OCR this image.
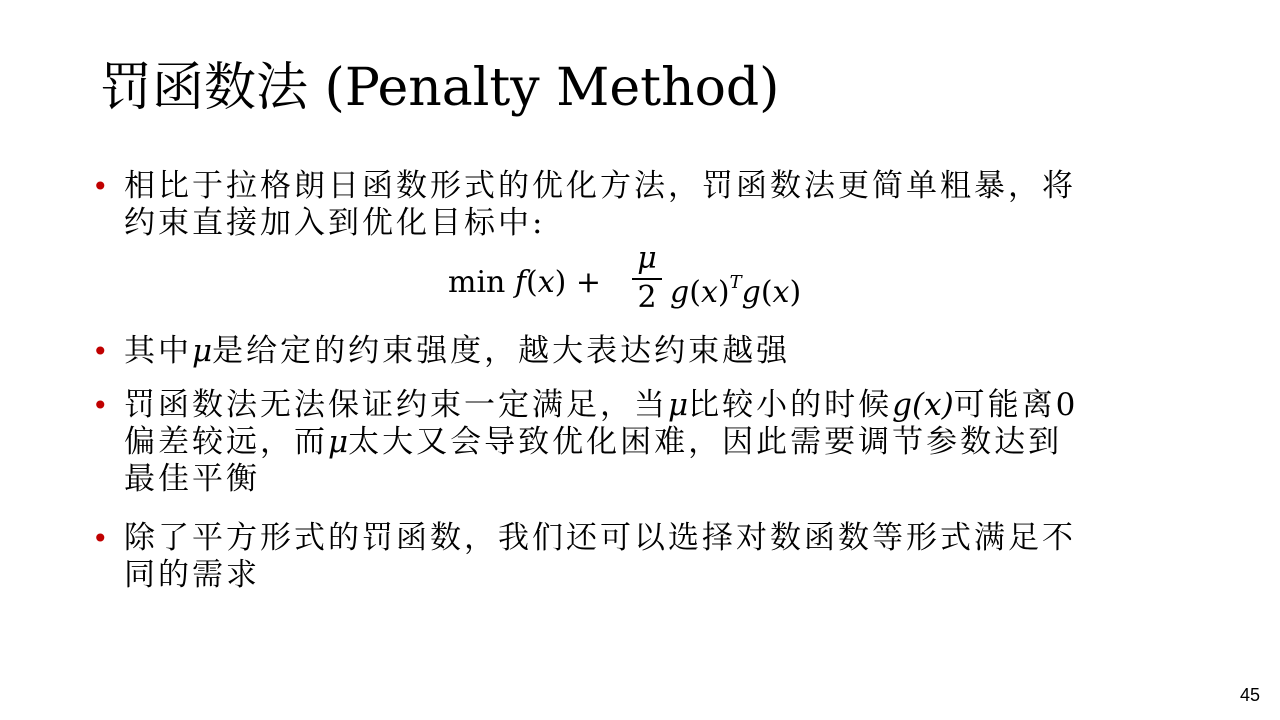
罚函数法 (Penalty Method)
• 相比于拉格朗日函数形式的优化方法，罚函数法更简单粗暴，将
约束直接加入到优化目标中:
min f(x) +
μ
2 $g(x)^Tg(x)$
• 其中μ是给定的约束强度，越大表达约束越强
• 罚函数法无法保证约束一定满足，当μ比较小的时候g(x)可能离0
偏差较远，而μ太大又会导致优化困难，因此需要调节参数达到
最佳平衡
• 除了平方形式的罚函数，我们还可以选择对数函数等形式满足不
同的需求
45
